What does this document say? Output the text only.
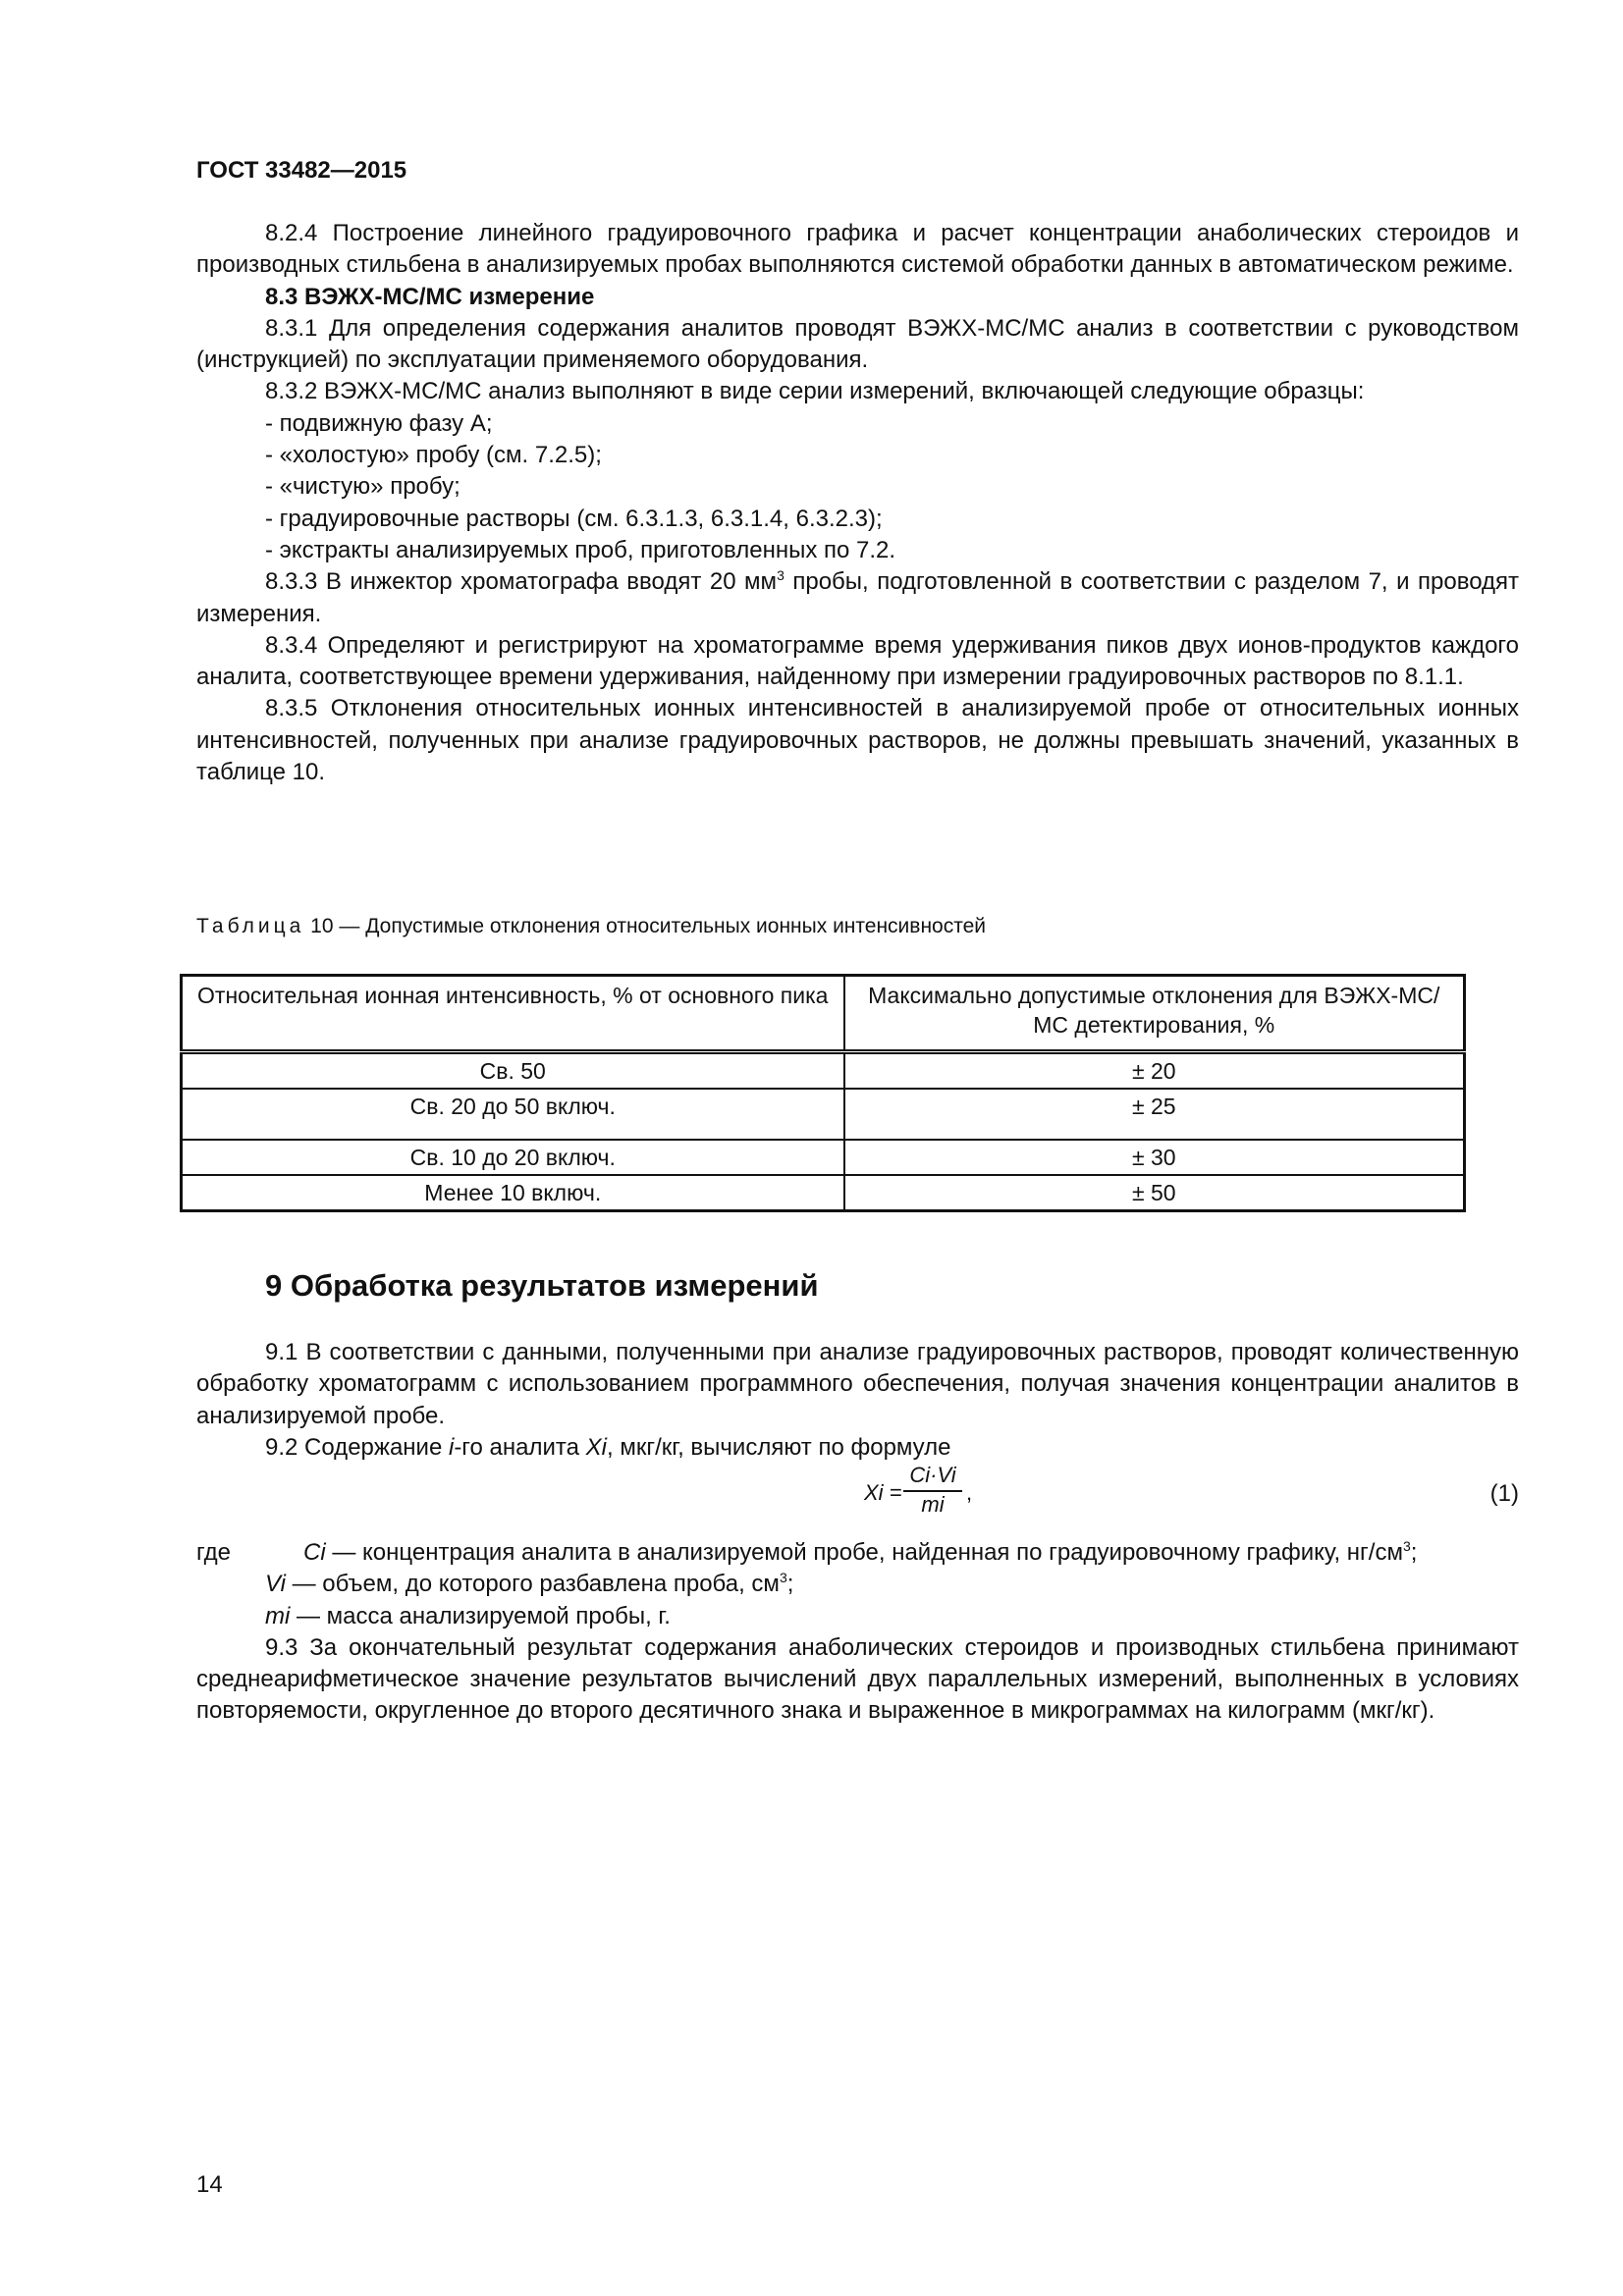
ГОСТ 33482—2015

8.2.4 Построение линейного градуировочного графика и расчет концентрации анаболических стероидов и производных стильбена в анализируемых пробах выполняются системой обработки данных в автоматическом режиме.

8.3 ВЭЖХ-МС/МС измерение

8.3.1 Для определения содержания аналитов проводят ВЭЖХ-МС/МС анализ в соответствии с руководством (инструкцией) по эксплуатации применяемого оборудования.

8.3.2 ВЭЖХ-МС/МС анализ выполняют в виде серии измерений, включающей следующие образцы:

- подвижную фазу А;

- «холостую» пробу (см. 7.2.5);

- «чистую» пробу;

- градуировочные растворы (см. 6.3.1.3, 6.3.1.4, 6.3.2.3);

- экстракты анализируемых проб, приготовленных по 7.2.

8.3.3 В инжектор хроматографа вводят 20 $мм^3$ пробы, подготовленной в соответствии с разделом 7, и проводят измерения.

8.3.4 Определяют и регистрируют на хроматограмме время удерживания пиков двух ионов-продуктов каждого аналита, соответствующее времени удерживания, найденному при измерении градуировочных растворов по 8.1.1.

8.3.5 Отклонения относительных ионных интенсивностей в анализируемой пробе от относительных ионных интенсивностей, полученных при анализе градуировочных растворов, не должны превышать значений, указанных в таблице 10.

Таблица 10 — Допустимые отклонения относительных ионных интенсивностей
Относительная ионная интенсивность, % от основного пика	Максимально допустимые отклонения для ВЭЖХ-МС/МС детектирования, %
Св. 50	± 20
Св. 20 до 50 включ.	± 25
Св. 10 до 20 включ.	± 30
Менее 10 включ.	± 50
9 Обработка результатов измерений

9.1 В соответствии с данными, полученными при анализе градуировочных растворов, проводят количественную обработку хроматограмм с использованием программного обеспечения, получая значения концентрации аналитов в анализируемой пробе.

9.2 Содержание i-го аналита Xi, мкг/кг, вычисляют по формуле

$Xi = \frac{Ci\cdot Vi}{mi}$ ,	(1)

где	Ci — концентрация аналита в анализируемой пробе, найденная по градуировочному графику, $нг/см^3$;

Vi — объем, до которого разбавлена проба, $см^3$;

mi — масса анализируемой пробы, г.

9.3 За окончательный результат содержания анаболических стероидов и производных стильбена принимают среднеарифметическое значение результатов вычислений двух параллельных измерений, выполненных в условиях повторяемости, округленное до второго десятичного знака и выраженное в микрограммах на килограмм (мкг/кг).

14
